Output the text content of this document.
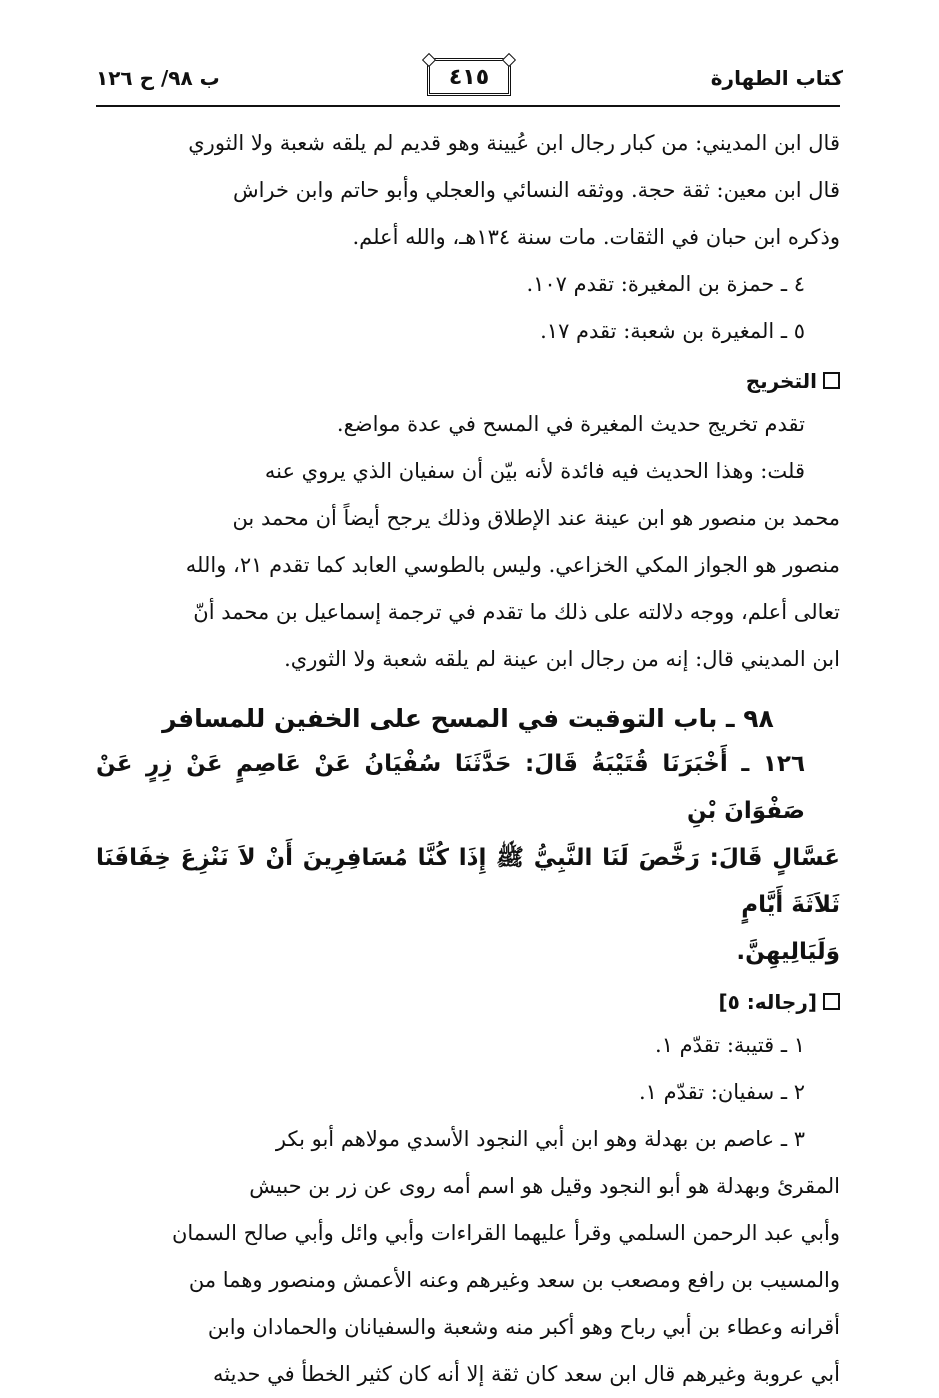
كتاب الطهارة
٤١٥
ب ٩٨/ ح ١٢٦

قال ابن المديني: من كبار رجال ابن عُيينة وهو قديم لم يلقه شعبة ولا الثوري

قال ابن معين: ثقة حجة. ووثقه النسائي والعجلي وأبو حاتم وابن خراش

وذكره ابن حبان في الثقات. مات سنة ١٣٤هـ، والله أعلم.

٤ ـ حمزة بن المغيرة: تقدم ١٠٧.

٥ ـ المغيرة بن شعبة: تقدم ١٧.

التخريج

تقدم تخريج حديث المغيرة في المسح في عدة مواضع.

قلت: وهذا الحديث فيه فائدة لأنه بيّن أن سفيان الذي يروي عنه

محمد بن منصور هو ابن عينة عند الإطلاق وذلك يرجح أيضاً أن محمد بن

منصور هو الجواز المكي الخزاعي. وليس بالطوسي العابد كما تقدم ٢١، والله

تعالى أعلم، ووجه دلالته على ذلك ما تقدم في ترجمة إسماعيل بن محمد أنّ

ابن المديني قال: إنه من رجال ابن عينة لم يلقه شعبة ولا الثوري.

٩٨ ـ باب التوقيت في المسح على الخفين للمسافر

١٢٦ ـ أَخْبَرَنَا قُتَيْبَةُ قَالَ: حَدَّثَنَا سُفْيَانُ عَنْ عَاصِمٍ عَنْ زِرٍ عَنْ صَفْوَانَ بْنِ

عَسَّالٍ قَالَ: رَخَّصَ لَنَا النَّبِيُّ ﷺ إِذَا كُنَّا مُسَافِرِينَ أَنْ لاَ نَنْزِعَ خِفَافَنَا ثَلاَثَةَ أَيَّامٍ

وَلَيَالِيهِنَّ.

[رجاله: ٥]

١ ـ قتيبة: تقدّم ١.

٢ ـ سفيان: تقدّم ١.

٣ ـ عاصم بن بهدلة وهو ابن أبي النجود الأسدي مولاهم أبو بكر

المقرئ وبهدلة هو أبو النجود وقيل هو اسم أمه روى عن زر بن حبيش

وأبي عبد الرحمن السلمي وقرأ عليهما القراءات وأبي وائل وأبي صالح السمان

والمسيب بن رافع ومصعب بن سعد وغيرهم وعنه الأعمش ومنصور وهما من

أقرانه وعطاء بن أبي رباح وهو أكبر منه وشعبة والسفيانان والحمادان وابن

أبي عروبة وغيرهم قال ابن سعد كان ثقة إلا أنه كان كثير الخطأ في حديثه
